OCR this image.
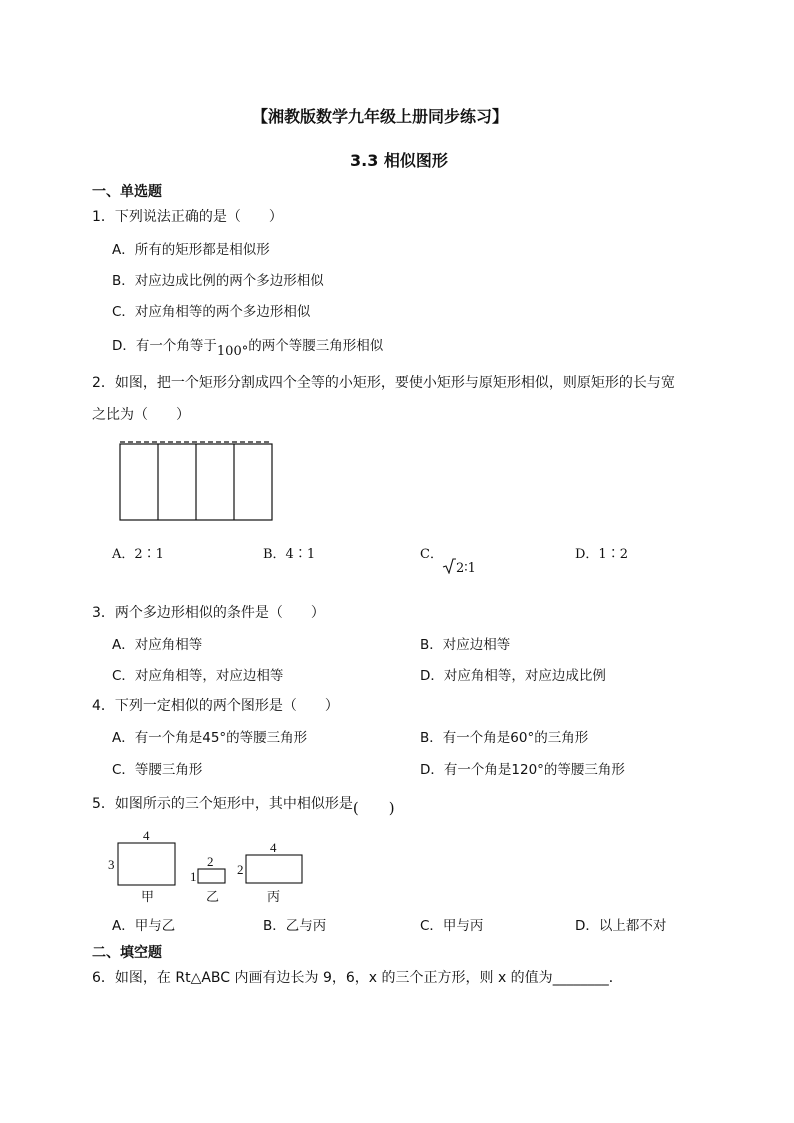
【湘教版数学九年级上册同步练习】
3.3 相似图形
一、单选题
1．下列说法正确的是（　　）
A．所有的矩形都是相似形
B．对应边成比例的两个多边形相似
C．对应角相等的两个多边形相似
D．有一个角等于100°的两个等腰三角形相似
2．如图，把一个矩形分割成四个全等的小矩形，要使小矩形与原矩形相似，则原矩形的长与宽
之比为（　　）
A．2∶1	B．4∶1	C．
2∶1
D．1∶2
3．两个多边形相似的条件是（　　）
A．对应角相等	B．对应边相等
C．对应角相等，对应边相等	D．对应角相等，对应边成比例
4．下列一定相似的两个图形是（　　）
A．有一个角是45°的等腰三角形	B．有一个角是60°的三角形
C．等腰三角形	D．有一个角是120°的等腰三角形
5．如图所示的三个矩形中，其中相似形是(　　)
4
3
甲
2
1
乙
4
2
丙
A．甲与乙	B．乙与丙	C．甲与丙	D．以上都不对
二、填空题
6．如图，在 Rt△ABC 内画有边长为 9，6，x 的三个正方形，则 x 的值为________．
